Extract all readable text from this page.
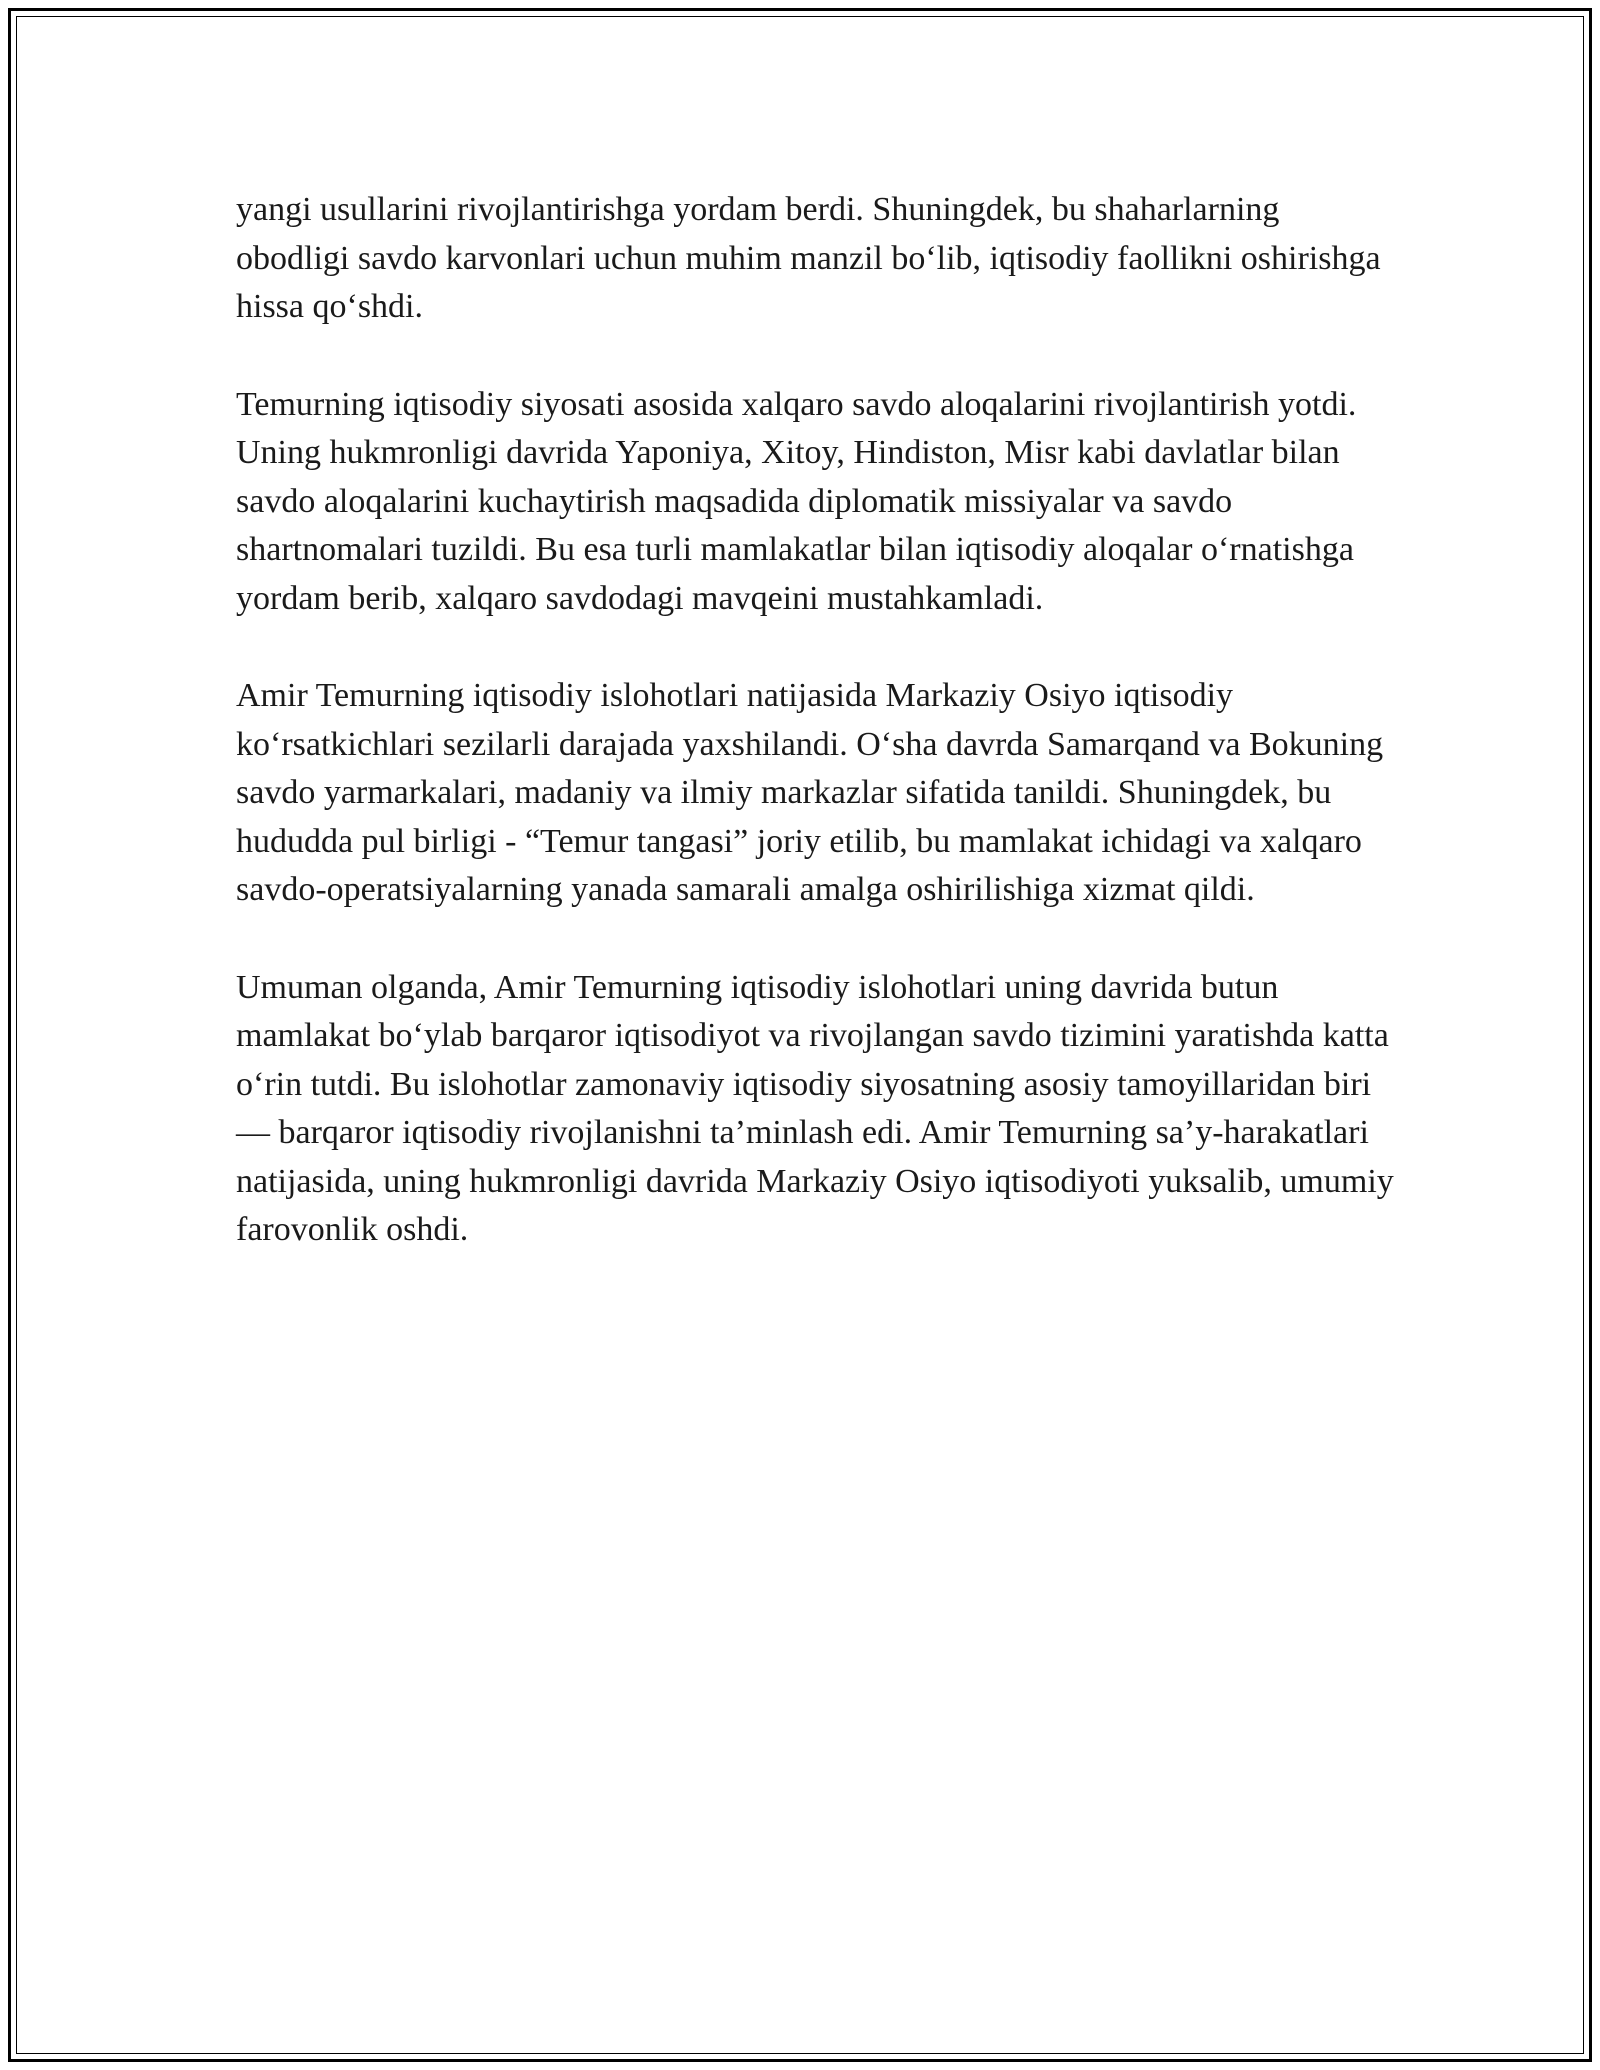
yangi usullarini rivojlantirishga yordam berdi. Shuningdek, bu shaharlarning obodligi savdo karvonlari uchun muhim manzil bo‘lib, iqtisodiy faollikni oshirishga hissa qo‘shdi.

Temurning iqtisodiy siyosati asosida xalqaro savdo aloqalarini rivojlantirish yotdi. Uning hukmronligi davrida Yaponiya, Xitoy, Hindiston, Misr kabi davlatlar bilan savdo aloqalarini kuchaytirish maqsadida diplomatik missiyalar va savdo shartnomalari tuzildi. Bu esa turli mamlakatlar bilan iqtisodiy aloqalar o‘rnatishga yordam berib, xalqaro savdodagi mavqeini mustahkamladi.

Amir Temurning iqtisodiy islohotlari natijasida Markaziy Osiyo iqtisodiy ko‘rsatkichlari sezilarli darajada yaxshilandi. O‘sha davrda Samarqand va Bokuning savdo yarmarkalari, madaniy va ilmiy markazlar sifatida tanildi. Shuningdek, bu hududda pul birligi - “Temur tangasi” joriy etilib, bu mamlakat ichidagi va xalqaro savdo-operatsiyalarning yanada samarali amalga oshirilishiga xizmat qildi.

Umuman olganda, Amir Temurning iqtisodiy islohotlari uning davrida butun mamlakat bo‘ylab barqaror iqtisodiyot va rivojlangan savdo tizimini yaratishda katta o‘rin tutdi. Bu islohotlar zamonaviy iqtisodiy siyosatning asosiy tamoyillaridan biri — barqaror iqtisodiy rivojlanishni ta’minlash edi. Amir Temurning sa’y-harakatlari natijasida, uning hukmronligi davrida Markaziy Osiyo iqtisodiyoti yuksalib, umumiy farovonlik oshdi.
